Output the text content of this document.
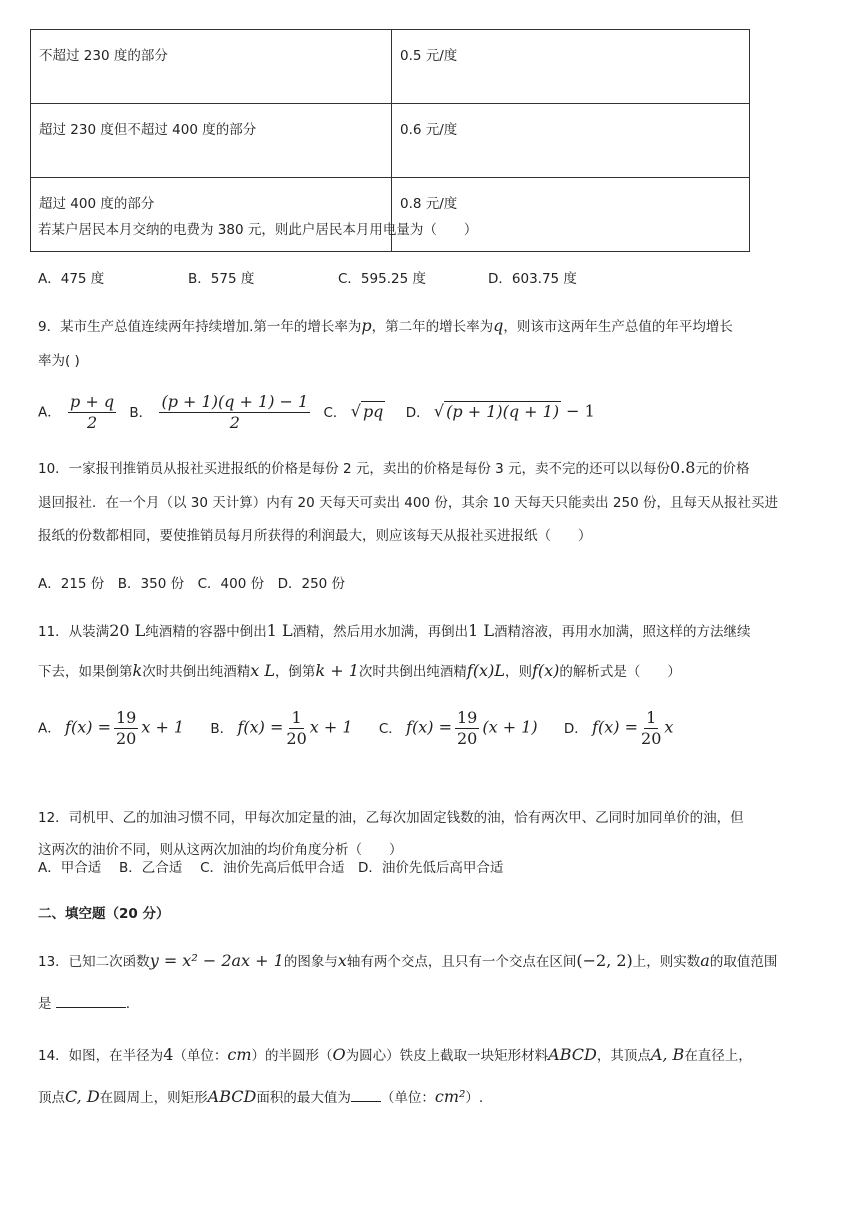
不超过 230 度的部分	0.5 元/度
超过 230 度但不超过 400 度的部分	0.6 元/度
超过 400 度的部分	0.8 元/度
若某户居民本月交纳的电费为 380 元，则此户居民本月用电量为（　　）
A．475 度	B．575 度	C．595.25 度	D．603.75 度
9．某市生产总值连续两年持续增加.第一年的增长率为p，第二年的增长率为q，则该市这两年生产总值的年平均增长
率为( )
A． $\frac{p + q}{2}$ B． $\frac{(p + 1)(q + 1) - 1}{2}$ C． √ pq D． √ (p + 1)(q + 1) − 1
10．一家报刊推销员从报社买进报纸的价格是每份 2 元，卖出的价格是每份 3 元，卖不完的还可以以每份0.8元的价格
退回报社．在一个月（以 30 天计算）内有 20 天每天可卖出 400 份，其余 10 天每天只能卖出 250 份，且每天从报社买进
报纸的份数都相同，要使推销员每月所获得的利润最大，则应该每天从报社买进报纸（　　）
A．215 份　B．350 份　C．400 份　D．250 份
11．从装满20 L纯酒精的容器中倒出1 L酒精，然后用水加满，再倒出1 L酒精溶液，再用水加满，照这样的方法继续
下去，如果倒第k次时共倒出纯酒精x L，倒第k + 1次时共倒出纯酒精f(x)L，则f(x)的解析式是（　　）
A． $f(x) = \frac{19}{20}$ x + 1 B． $f(x) = \frac{1}{20}$ x + 1 C． $f(x) = \frac{19}{20} (x + 1)$ D． $f(x) = \frac{1}{20}$ x
12．司机甲、乙的加油习惯不同，甲每次加定量的油，乙每次加固定钱数的油，恰有两次甲、乙同时加同单价的油，但
这两次的油价不同，则从这两次加油的均价角度分析（　　）
A．甲合适　 B．乙合适　 C．油价先高后低甲合适　D．油价先低后高甲合适
二、填空题（20 分）
13．已知二次函数y = x² − 2ax + 1的图象与x轴有两个交点，且只有一个交点在区间(−2, 2)上，则实数a的取值范围
是	.
14．如图，在半径为4（单位：cm）的半圆形（O为圆心）铁皮上截取一块矩形材料ABCD，其顶点A, B在直径上，
顶点C, D在圆周上，则矩形ABCD面积的最大值为 （单位：cm²）.
